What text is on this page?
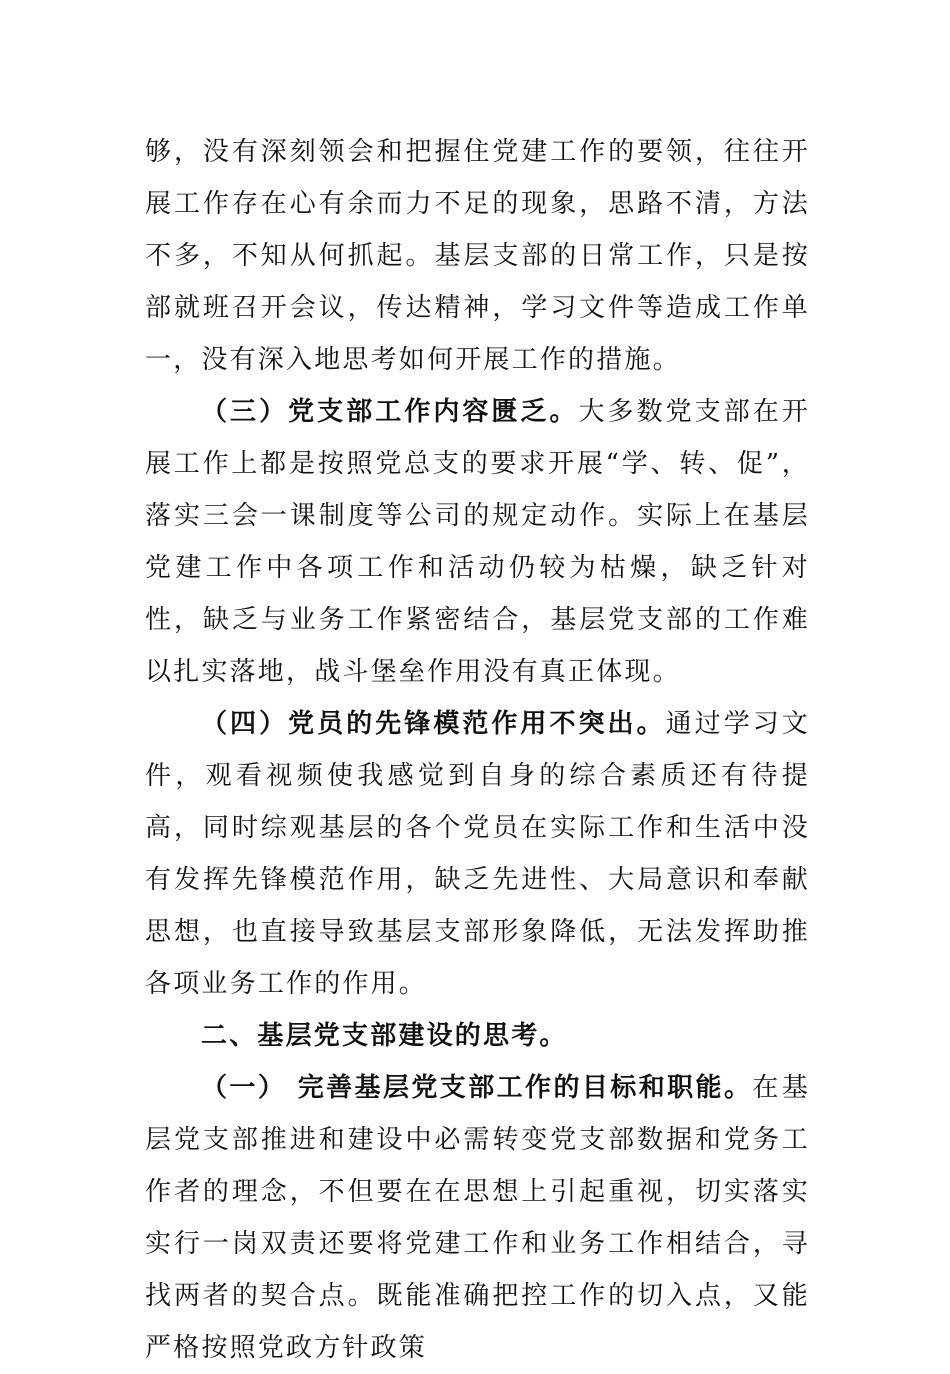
够，没有深刻领会和把握住党建工作的要领，往往开展工作存在心有余而力不足的现象，思路不清，方法不多，不知从何抓起。基层支部的日常工作，只是按部就班召开会议，传达精神，学习文件等造成工作单一，没有深入地思考如何开展工作的措施。

（三）党支部工作内容匮乏。大多数党支部在开展工作上都是按照党总支的要求开展“学、转、促”， 落实三会一课制度等公司的规定动作。实际上在基层党建工作中各项工作和活动仍较为枯燥，缺乏针对性，缺乏与业务工作紧密结合，基层党支部的工作难以扎实落地，战斗堡垒作用没有真正体现。

（四）党员的先锋模范作用不突出。通过学习文件，观看视频使我感觉到自身的综合素质还有待提高，同时综观基层的各个党员在实际工作和生活中没有发挥先锋模范作用，缺乏先进性、大局意识和奉献思想，也直接导致基层支部形象降低，无法发挥助推各项业务工作的作用。

二、基层党支部建设的思考。

（一） 完善基层党支部工作的目标和职能。在基层党支部推进和建设中必需转变党支部数据和党务工作者的理念，不但要在在思想上引起重视，切实落实实行一岗双责还要将党建工作和业务工作相结合，寻找两者的契合点。既能准确把控工作的切入点，又能严格按照党政方针政策
